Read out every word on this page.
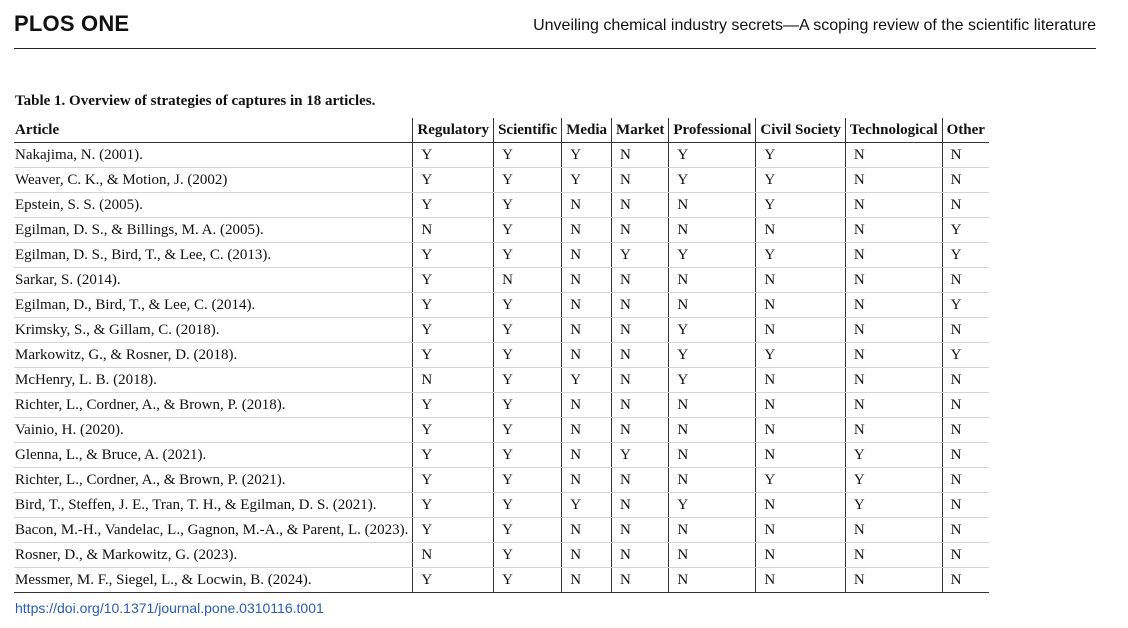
PLOS ONE	Unveiling chemical industry secrets—A scoping review of the scientific literature
Table 1. Overview of strategies of captures in 18 articles.
Article	Regulatory	Scientific	Media	Market	Professional	Civil Society	Technological	Other
Nakajima, N. (2001).	Y	Y	Y	N	Y	Y	N	N
Weaver, C. K., & Motion, J. (2002)	Y	Y	Y	N	Y	Y	N	N
Epstein, S. S. (2005).	Y	Y	N	N	N	Y	N	N
Egilman, D. S., & Billings, M. A. (2005).	N	Y	N	N	N	N	N	Y
Egilman, D. S., Bird, T., & Lee, C. (2013).	Y	Y	N	Y	Y	Y	N	Y
Sarkar, S. (2014).	Y	N	N	N	N	N	N	N
Egilman, D., Bird, T., & Lee, C. (2014).	Y	Y	N	N	N	N	N	Y
Krimsky, S., & Gillam, C. (2018).	Y	Y	N	N	Y	N	N	N
Markowitz, G., & Rosner, D. (2018).	Y	Y	N	N	Y	Y	N	Y
McHenry, L. B. (2018).	N	Y	Y	N	Y	N	N	N
Richter, L., Cordner, A., & Brown, P. (2018).	Y	Y	N	N	N	N	N	N
Vainio, H. (2020).	Y	Y	N	N	N	N	N	N
Glenna, L., & Bruce, A. (2021).	Y	Y	N	Y	N	N	Y	N
Richter, L., Cordner, A., & Brown, P. (2021).	Y	Y	N	N	N	Y	Y	N
Bird, T., Steffen, J. E., Tran, T. H., & Egilman, D. S. (2021).	Y	Y	Y	N	Y	N	Y	N
Bacon, M.-H., Vandelac, L., Gagnon, M.-A., & Parent, L. (2023).	Y	Y	N	N	N	N	N	N
Rosner, D., & Markowitz, G. (2023).	N	Y	N	N	N	N	N	N
Messmer, M. F., Siegel, L., & Locwin, B. (2024).	Y	Y	N	N	N	N	N	N
https://doi.org/10.1371/journal.pone.0310116.t001
